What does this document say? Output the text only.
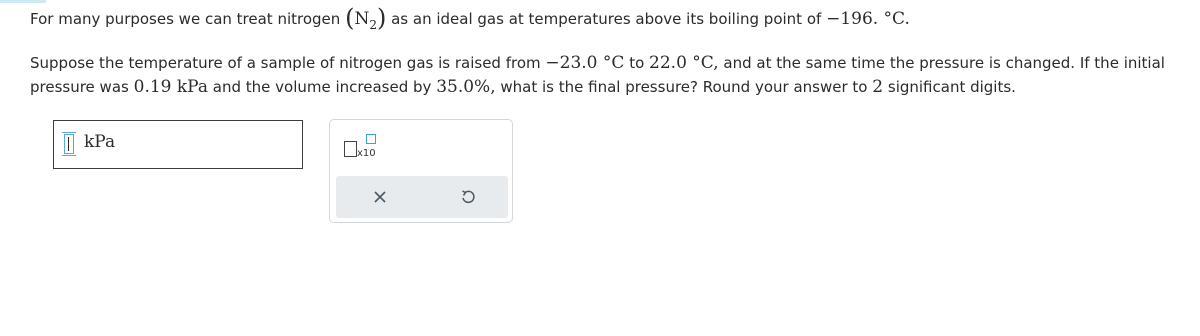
For many purposes we can treat nitrogen $(N_2)$ as an ideal gas at temperatures above its boiling point of −196. °C.
Suppose the temperature of a sample of nitrogen gas is raised from −23.0 °C to 22.0 °C, and at the same time the pressure is changed. If the initial pressure was 0.19 kPa and the volume increased by 35.0%, what is the final pressure? Round your answer to 2 significant digits.
kPa
x10
